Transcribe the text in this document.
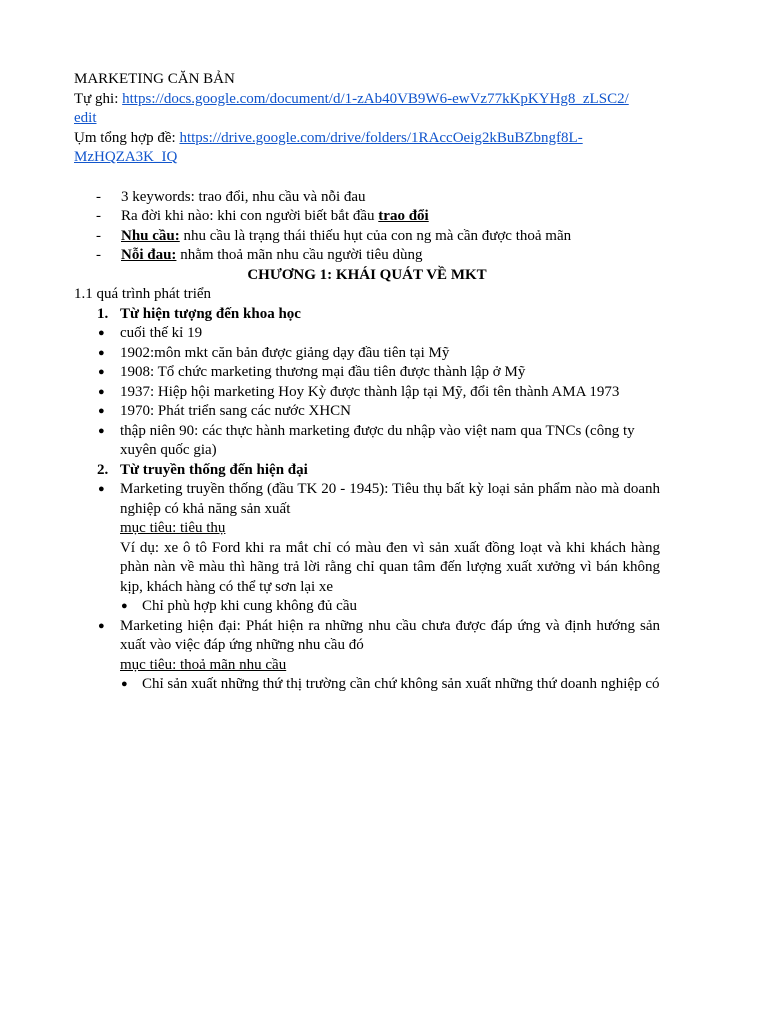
MARKETING CĂN BẢN

Tự ghi: https://docs.google.com/document/d/1-zAb40VB9W6-ewVz77kKpKYHg8_zLSC2/

edit

Ụm tổng hợp đề: https://drive.google.com/drive/folders/1RAccOeig2kBuBZbngf8L-

MzHQZA3K_IQ

- 3 keywords: trao đổi, nhu cầu và nỗi đau

- Ra đời khi nào: khi con người biết bắt đầu trao đổi

- Nhu cầu: nhu cầu là trạng thái thiếu hụt của con ng mà cần được thoả mãn

- Nỗi đau: nhằm thoả mãn nhu cầu người tiêu dùng

CHƯƠNG 1: KHÁI QUÁT VỀ MKT

1.1 quá trình phát triển

1. Từ hiện tượng đến khoa học

● cuối thế kỉ 19

● 1902:môn mkt căn bản được giảng dạy đầu tiên tại Mỹ

● 1908: Tổ chức marketing thương mại đầu tiên được thành lập ở Mỹ

● 1937: Hiệp hội marketing Hoy Kỳ được thành lập tại Mỹ, đổi tên thành AMA 1973

● 1970: Phát triển sang các nước XHCN

● thập niên 90: các thực hành marketing được du nhập vào việt nam qua TNCs (công ty xuyên quốc gia)

2. Từ truyền thống đến hiện đại

● Marketing truyền thống (đầu TK 20 - 1945): Tiêu thụ bất kỳ loại sản phẩm nào mà doanh nghiệp có khả năng sản xuất

mục tiêu: tiêu thụ

Ví dụ: xe ô tô Ford khi ra mắt chỉ có màu đen vì sản xuất đồng loạt và khi khách hàng phàn nàn về màu thì hãng trả lời rằng chỉ quan tâm đến lượng xuất xưởng vì bán không kịp, khách hàng có thể tự sơn lại xe

● Chỉ phù hợp khi cung không đủ cầu

● Marketing hiện đại: Phát hiện ra những nhu cầu chưa được đáp ứng và định hướng sản xuất vào việc đáp ứng những nhu cầu đó

mục tiêu: thoả mãn nhu cầu

● Chỉ sản xuất những thứ thị trường cần chứ không sản xuất những thứ doanh nghiệp có
